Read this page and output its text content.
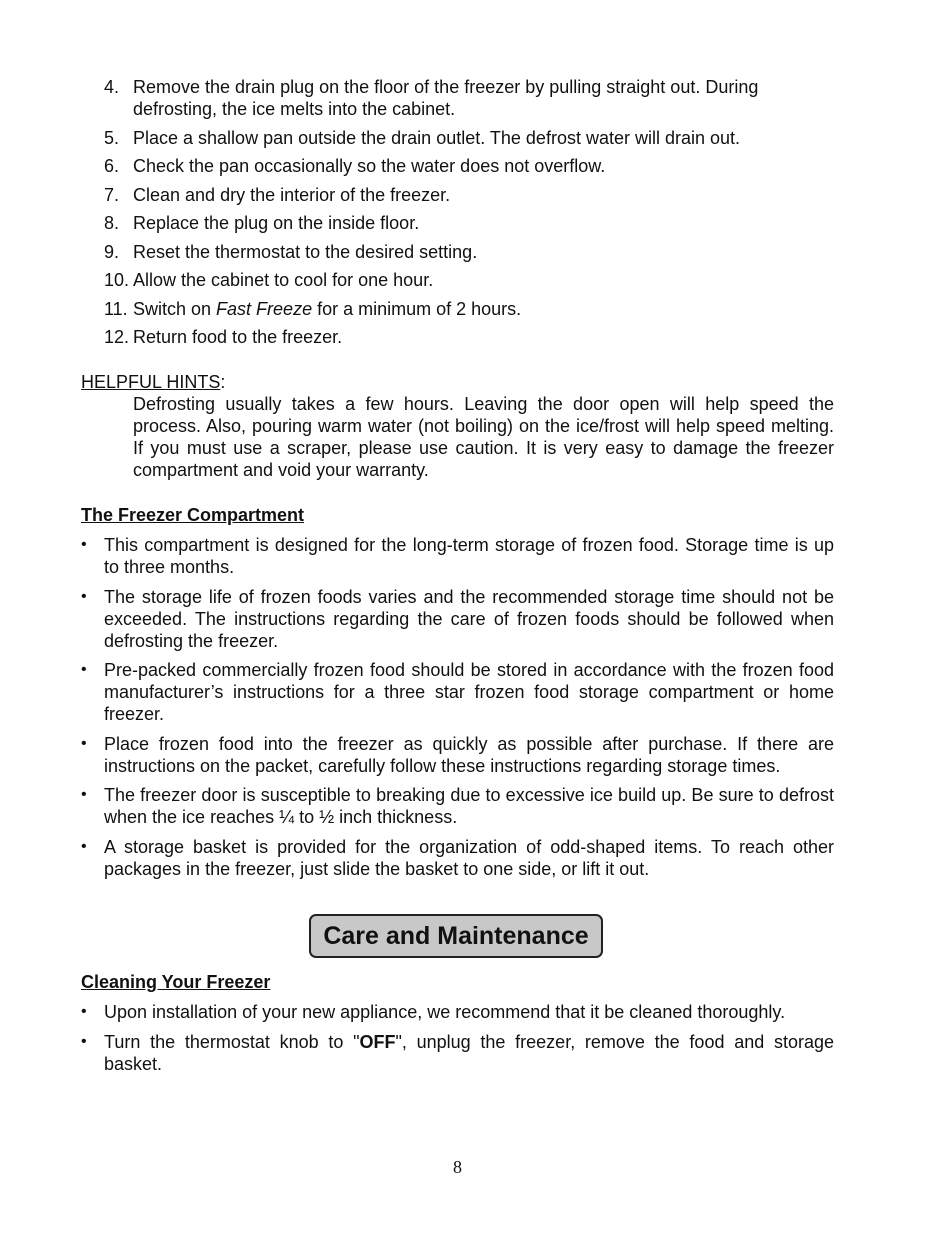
4. Remove the drain plug on the floor of the freezer by pulling straight out. During defrosting, the ice melts into the cabinet.
5. Place a shallow pan outside the drain outlet. The defrost water will drain out.
6. Check the pan occasionally so the water does not overflow.
7. Clean and dry the interior of the freezer.
8. Replace the plug on the inside floor.
9. Reset the thermostat to the desired setting.
10. Allow the cabinet to cool for one hour.
11. Switch on Fast Freeze for a minimum of 2 hours.
12. Return food to the freezer.
HELPFUL HINTS:
Defrosting usually takes a few hours. Leaving the door open will help speed the process. Also, pouring warm water (not boiling) on the ice/frost will help speed melting. If you must use a scraper, please use caution. It is very easy to damage the freezer compartment and void your warranty.
The Freezer Compartment
• This compartment is designed for the long-term storage of frozen food. Storage time is up to three months.
• The storage life of frozen foods varies and the recommended storage time should not be exceeded. The instructions regarding the care of frozen foods should be followed when defrosting the freezer.
• Pre-packed commercially frozen food should be stored in accordance with the frozen food manufacturer’s instructions for a three star frozen food storage compartment or home freezer.
• Place frozen food into the freezer as quickly as possible after purchase. If there are instructions on the packet, carefully follow these instructions regarding storage times.
• The freezer door is susceptible to breaking due to excessive ice build up. Be sure to defrost when the ice reaches ¼ to ½ inch thickness.
• A storage basket is provided for the organization of odd-shaped items. To reach other packages in the freezer, just slide the basket to one side, or lift it out.
Care and Maintenance
Cleaning Your Freezer
• Upon installation of your new appliance, we recommend that it be cleaned thoroughly.
• Turn the thermostat knob to "OFF", unplug the freezer, remove the food and storage basket.
8
